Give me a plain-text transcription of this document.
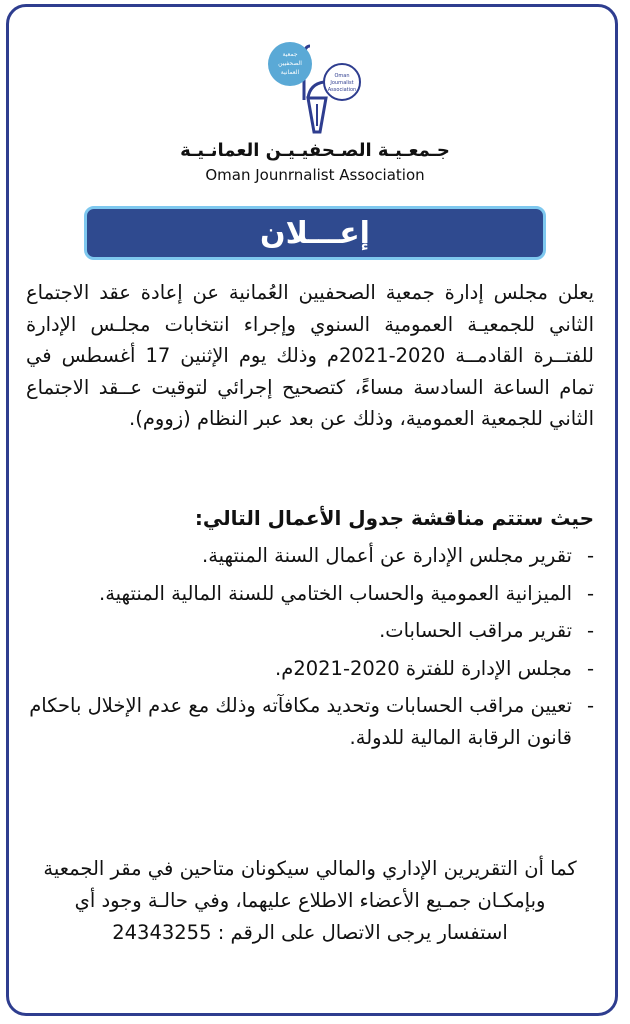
جمعية
الصحفيين
العمانية	Oman
Journalist
Association
جـمعـيـة الصـحفيـيـن العمانـيـة
Oman Jounrnalist Association
إعـــلان
يعلن مجلس إدارة جمعية الصحفيين العُمانية عن إعادة عقد الاجتماع الثاني للجمعيـة العمومية السنوي وإجراء انتخابات مجلـس الإدارة للفتــرة القادمــة 2020-2021م وذلك يوم الإثنين 17 أغسطس في تمام الساعة السادسة مساءً، كتصحيح إجرائي لتوقيت عــقد الاجتماع الثاني للجمعية العمومية، وذلك عن بعد عبر النظام (زووم).
حيث ستتم مناقشة جدول الأعمال التالي:
-
تقرير مجلس الإدارة عن أعمال السنة المنتهية.
-
الميزانية العمومية والحساب الختامي للسنة المالية المنتهية.
-
تقرير مراقب الحسابات.
-
مجلس الإدارة للفترة 2020-2021م.
-
تعيين مراقب الحسابات وتحديد مكافآته وذلك مع عدم الإخلال باحكام قانون الرقابة المالية للدولة.
كما أن التقريرين الإداري والمالي سيكونان متاحين في مقر الجمعية وبإمكـان جمـيع الأعضاء الاطلاع عليهما، وفي حالـة وجود أي استفسار يرجى الاتصال على الرقم : 24343255
